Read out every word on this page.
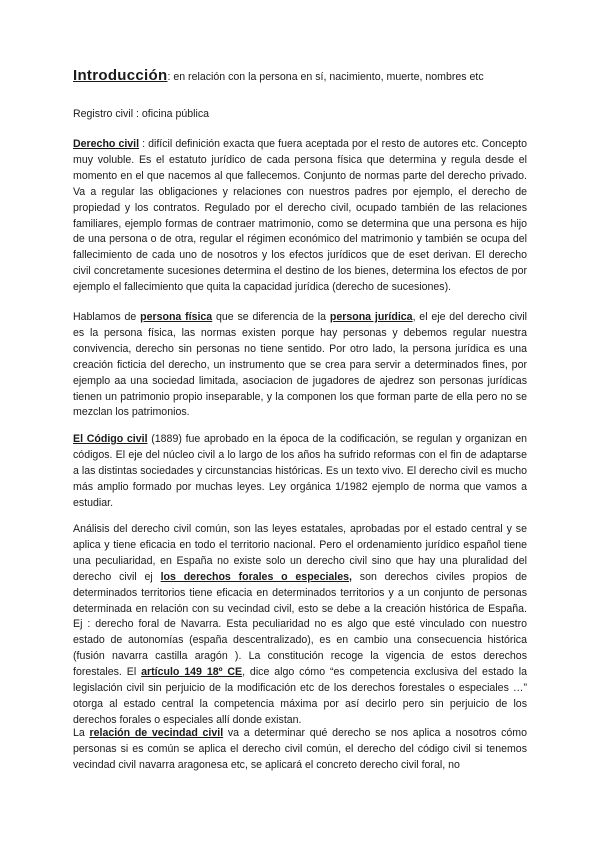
Introducción: en relación con la persona en sí, nacimiento, muerte, nombres etc
Registro civil : oficina pública

Derecho civil : difícil definición exacta que fuera aceptada por el resto de autores etc. Concepto muy voluble. Es el estatuto jurídico de cada persona física que determina y regula desde el momento en el que nacemos al que fallecemos. Conjunto de normas parte del derecho privado. Va a regular las obligaciones y relaciones con nuestros padres por ejemplo, el derecho de propiedad y los contratos. Regulado por el derecho civil, ocupado también de las relaciones familiares, ejemplo formas de contraer matrimonio, como se determina que una persona es hijo de una persona o de otra, regular el régimen económico del matrimonio y también se ocupa del fallecimiento de cada uno de nosotros y los efectos jurídicos que de eset derivan. El derecho civil concretamente sucesiones determina el destino de los bienes, determina los efectos de por ejemplo el fallecimiento que quita la capacidad jurídica (derecho de sucesiones).

Hablamos de persona física que se diferencia de la persona jurídica, el eje del derecho civil es la persona física, las normas existen porque hay personas y debemos regular nuestra convivencia, derecho sin personas no tiene sentido. Por otro lado, la persona jurídica es una creación ficticia del derecho, un instrumento que se crea para servir a determinados fines, por ejemplo aa una sociedad limitada, asociacion de jugadores de ajedrez son personas jurídicas tienen un patrimonio propio inseparable, y la componen los que forman parte de ella pero no se mezclan los patrimonios.

El Código civil (1889) fue aprobado en la época de la codificación, se regulan y organizan en códigos. El eje del núcleo civil a lo largo de los años ha sufrido reformas con el fin de adaptarse a las distintas sociedades y circunstancias históricas. Es un texto vivo. El derecho civil es mucho más amplio formado por muchas leyes. Ley orgánica 1/1982 ejemplo de norma que vamos a estudiar.

Análisis del derecho civil común, son las leyes estatales, aprobadas por el estado central y se aplica y tiene eficacia en todo el territorio nacional. Pero el ordenamiento jurídico español tiene una peculiaridad, en España no existe solo un derecho civil sino que hay una pluralidad del derecho civil ej los derechos forales o especiales, son derechos civiles propios de determinados territorios tiene eficacia en determinados territorios y a un conjunto de personas determinada en relación con su vecindad civil, esto se debe a la creación histórica de España. Ej : derecho foral de Navarra. Esta peculiaridad no es algo que esté vinculado con nuestro estado de autonomías (españa descentralizado), es en cambio una consecuencia histórica (fusión navarra castilla aragón ). La constitución recoge la vigencia de estos derechos forestales. El artículo 149 18º CE, dice algo cómo “es competencia exclusiva del estado la legislación civil sin perjuicio de la modificación etc de los derechos forestales o especiales …” otorga al estado central la competencia máxima por así decirlo pero sin perjuicio de los derechos forales o especiales allí donde existan.

La relación de vecindad civil va a determinar qué derecho se nos aplica a nosotros cómo personas si es común se aplica el derecho civil común, el derecho del código civil si tenemos vecindad civil navarra aragonesa etc, se aplicará el concreto derecho civil foral, no
